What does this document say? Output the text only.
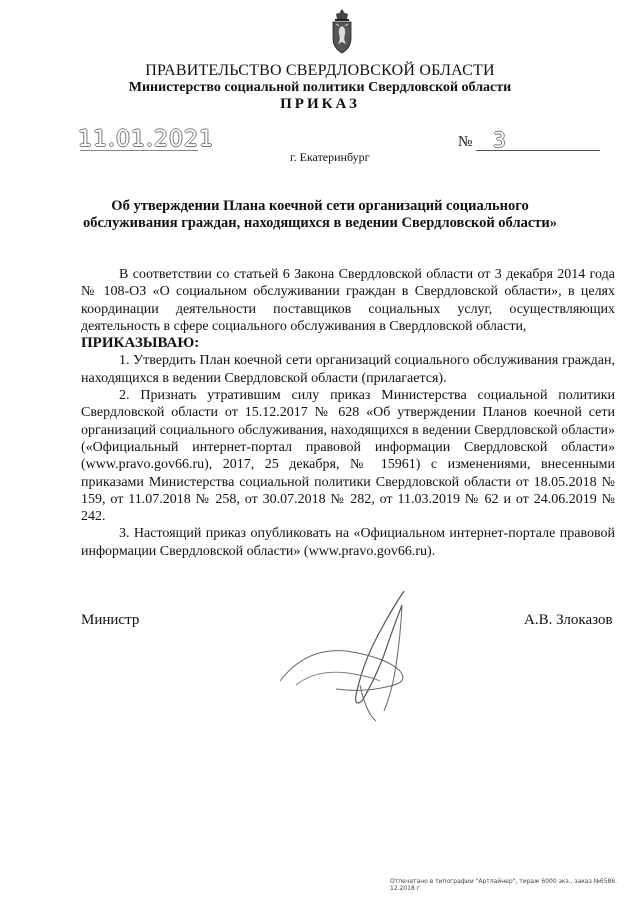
ПРАВИТЕЛЬСТВО СВЕРДЛОВСКОЙ ОБЛАСТИ
Министерство социальной политики Свердловской области
ПРИКАЗ
11.01.2021	№ 3
г. Екатеринбург
Об утверждении Плана коечной сети организаций социального
обслуживания граждан, находящихся в ведении Свердловской области»

В соответствии со статьей 6 Закона Свердловской области от 3 декабря 2014 года № 108-ОЗ «О социальном обслуживании граждан в Свердловской области», в целях координации деятельности поставщиков социальных услуг, осуществляющих деятельность в сфере социального обслуживания в Свердловской области,

ПРИКАЗЫВАЮ:

1. Утвердить План коечной сети организаций социального обслуживания граждан, находящихся в ведении Свердловской области (прилагается).

2. Признать утратившим силу приказ Министерства социальной политики Свердловской области от 15.12.2017 № 628 «Об утверждении Планов коечной сети организаций социального обслуживания, находящихся в ведении Свердловской области» («Официальный интернет-портал правовой информации Свердловской области» (www.pravo.gov66.ru), 2017, 25 декабря, № 15961) с изменениями, внесенными приказами Министерства социальной политики Свердловской области от 18.05.2018 № 159, от 11.07.2018 № 258, от 30.07.2018 № 282, от 11.03.2019 № 62 и от 24.06.2019 № 242.

3. Настоящий приказ опубликовать на «Официальном интернет-портале правовой информации Свердловской области» (www.pravo.gov66.ru).

Министр	А.В. Злоказов
Отпечатано в типографии "Артлайнер", тираж 6000 экз., заказ №6586. 12.2018 г
